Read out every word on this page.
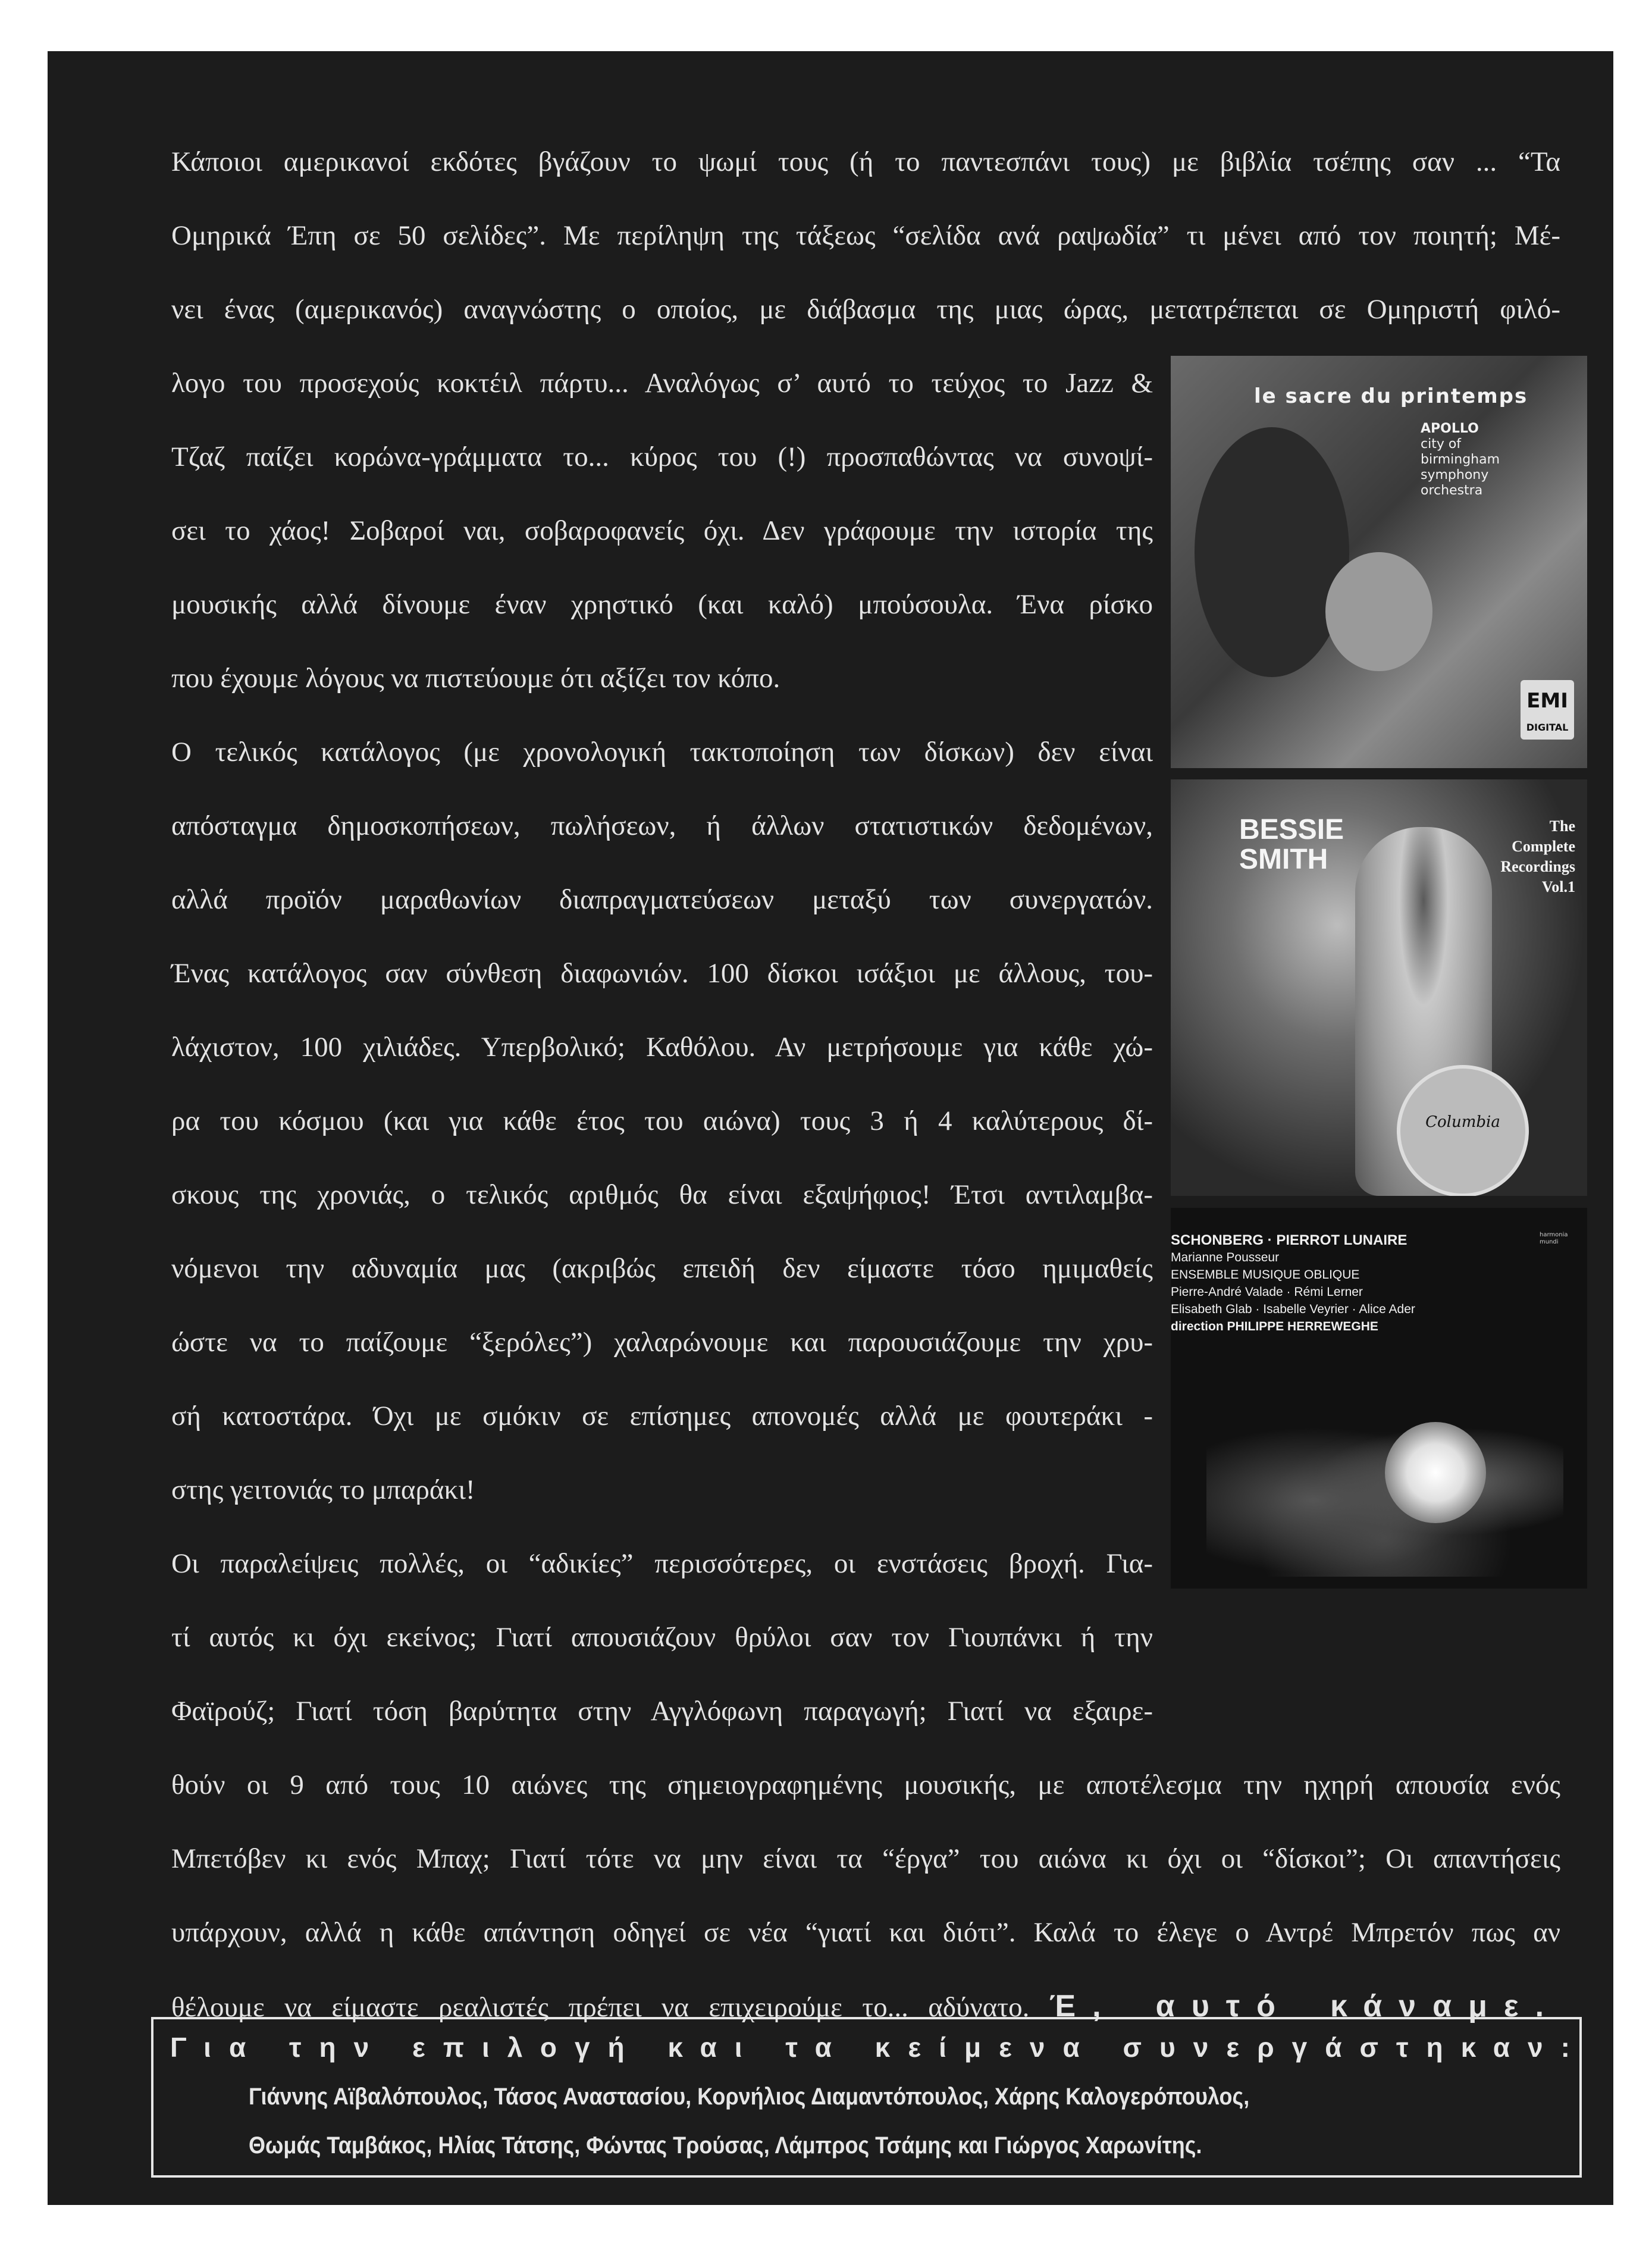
Κάποιοι αμερικανοί εκδότες βγάζουν το ψωμί τους (ή το παντεσπάνι τους) με βιβλία τσέπης σαν ... “Τα
Ομηρικά Έπη σε 50 σελίδες”. Με περίληψη της τάξεως “σελίδα ανά ραψωδία” τι μένει από τον ποιητή; Μέ-
νει ένας (αμερικανός) αναγνώστης ο οποίος, με διάβασμα της μιας ώρας, μετατρέπεται σε Ομηριστή φιλό-
λογο του προσεχούς κοκτέιλ πάρτυ... Αναλόγως σ’ αυτό το τεύχος το Jazz &
Τζαζ παίζει κορώνα-γράμματα το... κύρος του (!) προσπαθώντας να συνοψί-
σει το χάος! Σοβαροί ναι, σοβαροφανείς όχι. Δεν γράφουμε την ιστορία της
μουσικής αλλά δίνουμε έναν χρηστικό (και καλό) μπούσουλα. Ένα ρίσκο
που έχουμε λόγους να πιστεύουμε ότι αξίζει τον κόπο.
Ο τελικός κατάλογος (με χρονολογική τακτοποίηση των δίσκων) δεν είναι
απόσταγμα δημοσκοπήσεων, πωλήσεων, ή άλλων στατιστικών δεδομένων,
αλλά προϊόν μαραθωνίων διαπραγματεύσεων μεταξύ των συνεργατών.
Ένας κατάλογος σαν σύνθεση διαφωνιών. 100 δίσκοι ισάξιοι με άλλους, του-
λάχιστον, 100 χιλιάδες. Υπερβολικό; Καθόλου. Αν μετρήσουμε για κάθε χώ-
ρα του κόσμου (και για κάθε έτος του αιώνα) τους 3 ή 4 καλύτερους δί-
σκους της χρονιάς, ο τελικός αριθμός θα είναι εξαψήφιος! Έτσι αντιλαμβα-
νόμενοι την αδυναμία μας (ακριβώς επειδή δεν είμαστε τόσο ημιμαθείς
ώστε να το παίζουμε “ξερόλες”) χαλαρώνουμε και παρουσιάζουμε την χρυ-
σή κατοστάρα. Όχι με σμόκιν σε επίσημες απονομές αλλά με φουτεράκι -
στης γειτονιάς το μπαράκι!
Οι παραλείψεις πολλές, οι “αδικίες” περισσότερες, οι ενστάσεις βροχή. Για-
τί αυτός κι όχι εκείνος; Γιατί απουσιάζουν θρύλοι σαν τον Γιουπάνκι ή την
Φαϊρούζ; Γιατί τόση βαρύτητα στην Αγγλόφωνη παραγωγή; Γιατί να εξαιρε-
θούν οι 9 από τους 10 αιώνες της σημειογραφημένης μουσικής, με αποτέλεσμα την ηχηρή απουσία ενός
Μπετόβεν κι ενός Μπαχ; Γιατί τότε να μην είναι τα “έργα” του αιώνα κι όχι οι “δίσκοι”; Οι απαντήσεις
υπάρχουν, αλλά η κάθε απάντηση οδηγεί σε νέα “γιατί και διότι”. Καλά το έλεγε ο Αντρέ Μπρετόν πως αν
θέλουμε να είμαστε ρεαλιστές πρέπει να επιχειρούμε το... αδύνατο. Έ, αυτό κάναμε.
le sacre du printemps
APOLLO
city of
birmingham
symphony
orchestra
EMI
DIGITAL
BESSIE
SMITH
The
Complete
Recordings
Vol.1
Columbia
SCHONBERG · PIERROT LUNAIRE
Marianne Pousseur
ENSEMBLE MUSIQUE OBLIQUE
Pierre-André Valade · Rémi Lerner
Elisabeth Glab · Isabelle Veyrier · Alice Ader
direction PHILIPPE HERREWEGHE
harmonia mundi
Για την επιλογή και τα κείμενα συνεργάστηκαν:
Γιάννης Αϊβαλόπουλος, Τάσος Αναστασίου, Κορνήλιος Διαμαντόπουλος, Χάρης Καλογερόπουλος,
Θωμάς Ταμβάκος, Ηλίας Τάτσης, Φώντας Τρούσας, Λάμπρος Τσάμης και Γιώργος Χαρωνίτης.
